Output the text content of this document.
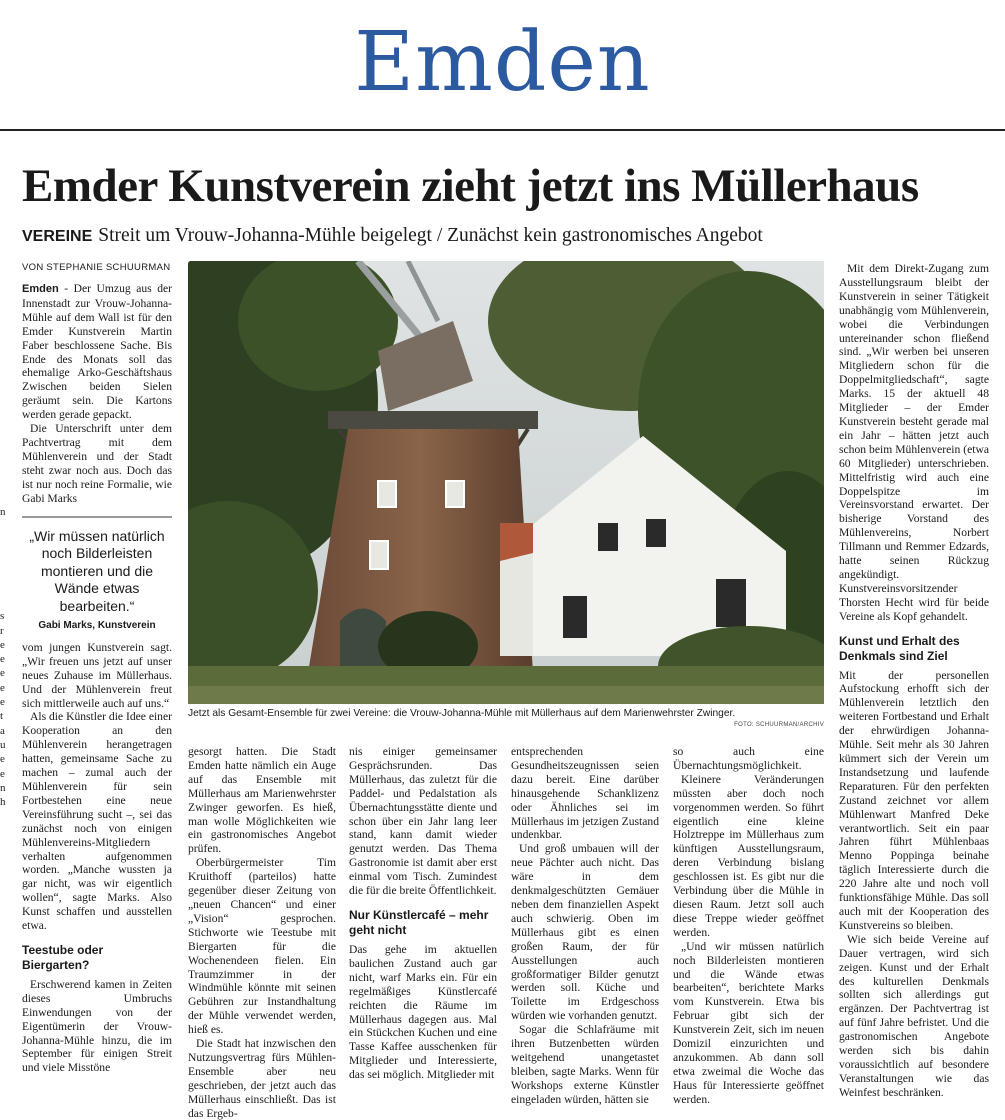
Emden
n
s
r
e
e
e
e
e
t
a
u
e
e
n
h
Emder Kunstverein zieht jetzt ins Müllerhaus
VEREINE Streit um Vrouw-Johanna-Mühle beigelegt / Zunächst kein gastronomisches Angebot
VON STEPHANIE SCHUURMAN

Emden - Der Umzug aus der Innenstadt zur Vrouw-Johanna-Mühle auf dem Wall ist für den Emder Kunstverein Martin Faber beschlossene Sache. Bis Ende des Monats soll das ehemalige Arko-Geschäftshaus Zwischen beiden Sielen geräumt sein. Die Kartons werden gerade gepackt.

Die Unterschrift unter dem Pachtvertrag mit dem Mühlenverein und der Stadt steht zwar noch aus. Doch das ist nur noch reine Formalie, wie Gabi Marks

„Wir müssen natürlich noch Bilderleisten montieren und die Wände etwas bearbeiten.“
Gabi Marks, Kunstverein

vom jungen Kunstverein sagt. „Wir freuen uns jetzt auf unser neues Zuhause im Müllerhaus. Und der Mühlenverein freut sich mittlerweile auch auf uns.“

Als die Künstler die Idee einer Kooperation an den Mühlenverein herangetragen hatten, gemeinsame Sache zu machen – zumal auch der Mühlenverein für sein Fortbestehen eine neue Vereinsführung sucht –, sei das zunächst noch von einigen Mühlenvereins-Mitgliedern verhalten aufgenommen worden. „Manche wussten ja gar nicht, was wir eigentlich wollen“, sagte Marks. Also Kunst schaffen und ausstellen etwa.

Teestube oder Biergarten?

Erschwerend kamen in Zeiten dieses Umbruchs Einwendungen von der Eigentümerin der Vrouw-Johanna-Mühle hinzu, die im September für einigen Streit und viele Misstöne

Jetzt als Gesamt-Ensemble für zwei Vereine: die Vrouw-Johanna-Mühle mit Müllerhaus auf dem Marienwehrster Zwinger.
FOTO: SCHUURMAN/ARCHIV

gesorgt hatten. Die Stadt Emden hatte nämlich ein Auge auf das Ensemble mit Müllerhaus am Marienwehrster Zwinger geworfen. Es hieß, man wolle Möglichkeiten wie ein gastronomisches Angebot prüfen.

Oberbürgermeister Tim Kruithoff (parteilos) hatte gegenüber dieser Zeitung von „neuen Chancen“ und einer „Vision“ gesprochen. Stichworte wie Teestube mit Biergarten für die Wochenendeen fielen. Ein Traumzimmer in der Windmühle könnte mit seinen Gebühren zur Instandhaltung der Mühle verwendet werden, hieß es.

Die Stadt hat inzwischen den Nutzungsvertrag fürs Mühlen-Ensemble aber neu geschrieben, der jetzt auch das Müllerhaus einschließt. Das ist das Ergeb-

nis einiger gemeinsamer Gesprächsrunden. Das Müllerhaus, das zuletzt für die Paddel- und Pedalstation als Übernachtungsstätte diente und schon über ein Jahr lang leer stand, kann damit wieder genutzt werden. Das Thema Gastronomie ist damit aber erst einmal vom Tisch. Zumindest die für die breite Öffentlichkeit.

Nur Künstlercafé – mehr geht nicht

Das gehe im aktuellen baulichen Zustand auch gar nicht, warf Marks ein. Für ein regelmäßiges Künstlercafé reichten die Räume im Müllerhaus dagegen aus. Mal ein Stückchen Kuchen und eine Tasse Kaffee ausschenken für Mitglieder und Interessierte, das sei möglich. Mitglieder mit

entsprechenden Gesundheitszeugnissen seien dazu bereit. Eine darüber hinausgehende Schanklizenz oder Ähnliches sei im Müllerhaus im jetzigen Zustand undenkbar.

Und groß umbauen will der neue Pächter auch nicht. Das wäre in dem denkmalgeschützten Gemäuer neben dem finanziellen Aspekt auch schwierig. Oben im Müllerhaus gibt es einen großen Raum, der für Ausstellungen auch großformatiger Bilder genutzt werden soll. Küche und Toilette im Erdgeschoss würden wie vorhanden genutzt.

Sogar die Schlafräume mit ihren Butzenbetten würden weitgehend unangetastet bleiben, sagte Marks. Wenn für Workshops externe Künstler eingeladen würden, hätten sie

so auch eine Übernachtungsmöglichkeit.

Kleinere Veränderungen müssten aber doch noch vorgenommen werden. So führt eigentlich eine kleine Holztreppe im Müllerhaus zum künftigen Ausstellungsraum, deren Verbindung bislang geschlossen ist. Es gibt nur die Verbindung über die Mühle in diesen Raum. Jetzt soll auch diese Treppe wieder geöffnet werden.

„Und wir müssen natürlich noch Bilderleisten montieren und die Wände etwas bearbeiten“, berichtete Marks vom Kunstverein. Etwa bis Februar gibt sich der Kunstverein Zeit, sich im neuen Domizil einzurichten und anzukommen. Ab dann soll etwa zweimal die Woche das Haus für Interessierte geöffnet werden.

Mit dem Direkt-Zugang zum Ausstellungsraum bleibt der Kunstverein in seiner Tätigkeit unabhängig vom Mühlenverein, wobei die Verbindungen untereinander schon fließend sind. „Wir werben bei unseren Mitgliedern schon für die Doppelmitgliedschaft“, sagte Marks. 15 der aktuell 48 Mitglieder – der Emder Kunstverein besteht gerade mal ein Jahr – hätten jetzt auch schon beim Mühlenverein (etwa 60 Mitglieder) unterschrieben. Mittelfristig wird auch eine Doppelspitze im Vereinsvorstand erwartet. Der bisherige Vorstand des Mühlenvereins, Norbert Tillmann und Remmer Edzards, hatte seinen Rückzug angekündigt. Kunstvereinsvorsitzender Thorsten Hecht wird für beide Vereine als Kopf gehandelt.

Kunst und Erhalt des Denkmals sind Ziel

Mit der personellen Aufstockung erhofft sich der Mühlenverein letztlich den weiteren Fortbestand und Erhalt der ehrwürdigen Johanna-Mühle. Seit mehr als 30 Jahren kümmert sich der Verein um Instandsetzung und laufende Reparaturen. Für den perfekten Zustand zeichnet vor allem Mühlenwart Manfred Deke verantwortlich. Seit ein paar Jahren führt Mühlenbaas Menno Poppinga beinahe täglich Interessierte durch die 220 Jahre alte und noch voll funktionsfähige Mühle. Das soll auch mit der Kooperation des Kunstvereins so bleiben.

Wie sich beide Vereine auf Dauer vertragen, wird sich zeigen. Kunst und der Erhalt des kulturellen Denkmals sollten sich allerdings gut ergänzen. Der Pachtvertrag ist auf fünf Jahre befristet. Und die gastronomischen Angebote werden sich bis dahin voraussichtlich auf besondere Veranstaltungen wie das Weinfest beschränken.
